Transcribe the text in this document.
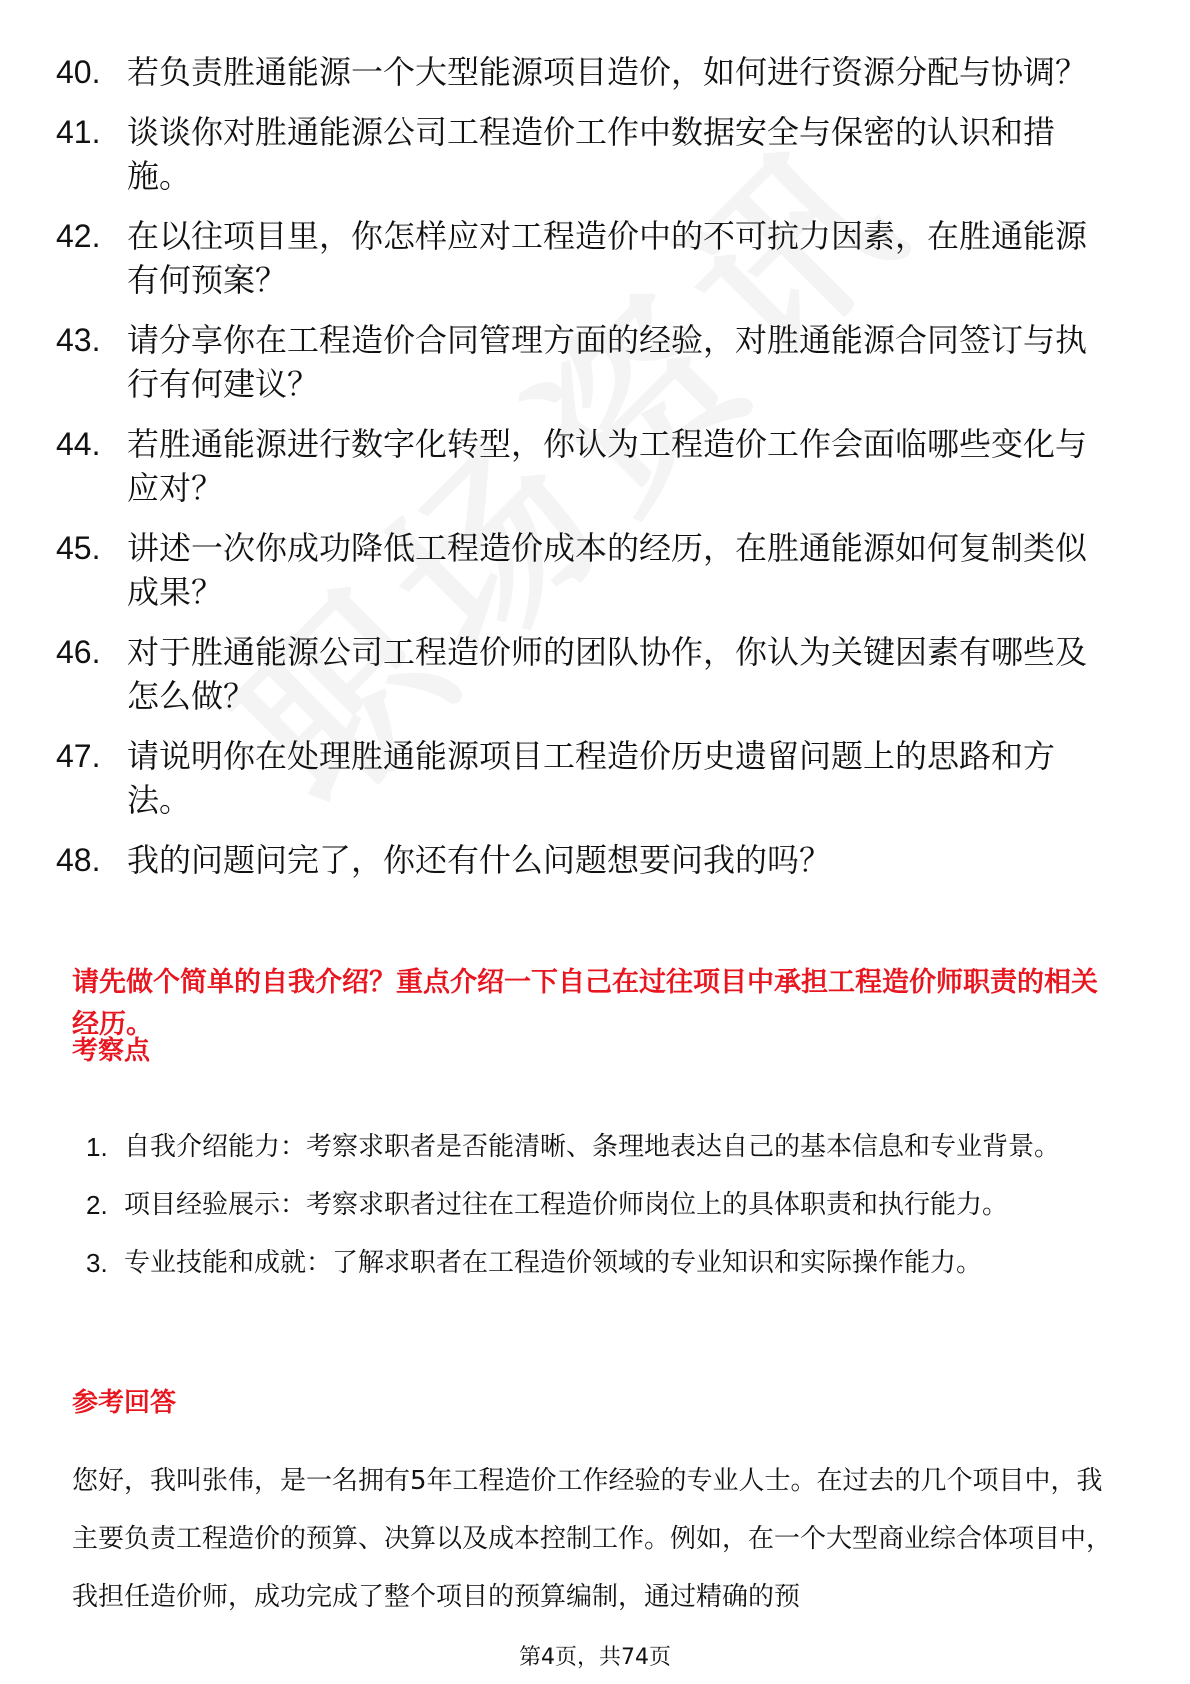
40. 若负责胜通能源一个大型能源项目造价，如何进行资源分配与协调？
41. 谈谈你对胜通能源公司工程造价工作中数据安全与保密的认识和措施。
42. 在以往项目里，你怎样应对工程造价中的不可抗力因素，在胜通能源有何预案？
43. 请分享你在工程造价合同管理方面的经验，对胜通能源合同签订与执行有何建议？
44. 若胜通能源进行数字化转型，你认为工程造价工作会面临哪些变化与应对？
45. 讲述一次你成功降低工程造价成本的经历，在胜通能源如何复制类似成果？
46. 对于胜通能源公司工程造价师的团队协作，你认为关键因素有哪些及怎么做？
47. 请说明你在处理胜通能源项目工程造价历史遗留问题上的思路和方法。
48. 我的问题问完了，你还有什么问题想要问我的吗？
请先做个简单的自我介绍？重点介绍一下自己在过往项目中承担工程造价师职责的相关经历。
考察点
1. 自我介绍能力：考察求职者是否能清晰、条理地表达自己的基本信息和专业背景。
2. 项目经验展示：考察求职者过往在工程造价师岗位上的具体职责和执行能力。
3. 专业技能和成就：了解求职者在工程造价领域的专业知识和实际操作能力。
参考回答
您好，我叫张伟，是一名拥有5年工程造价工作经验的专业人士。在过去的几个项目中，我主要负责工程造价的预算、决算以及成本控制工作。例如，在一个大型商业综合体项目中，我担任造价师，成功完成了整个项目的预算编制，通过精确的预
第4页，共74页
